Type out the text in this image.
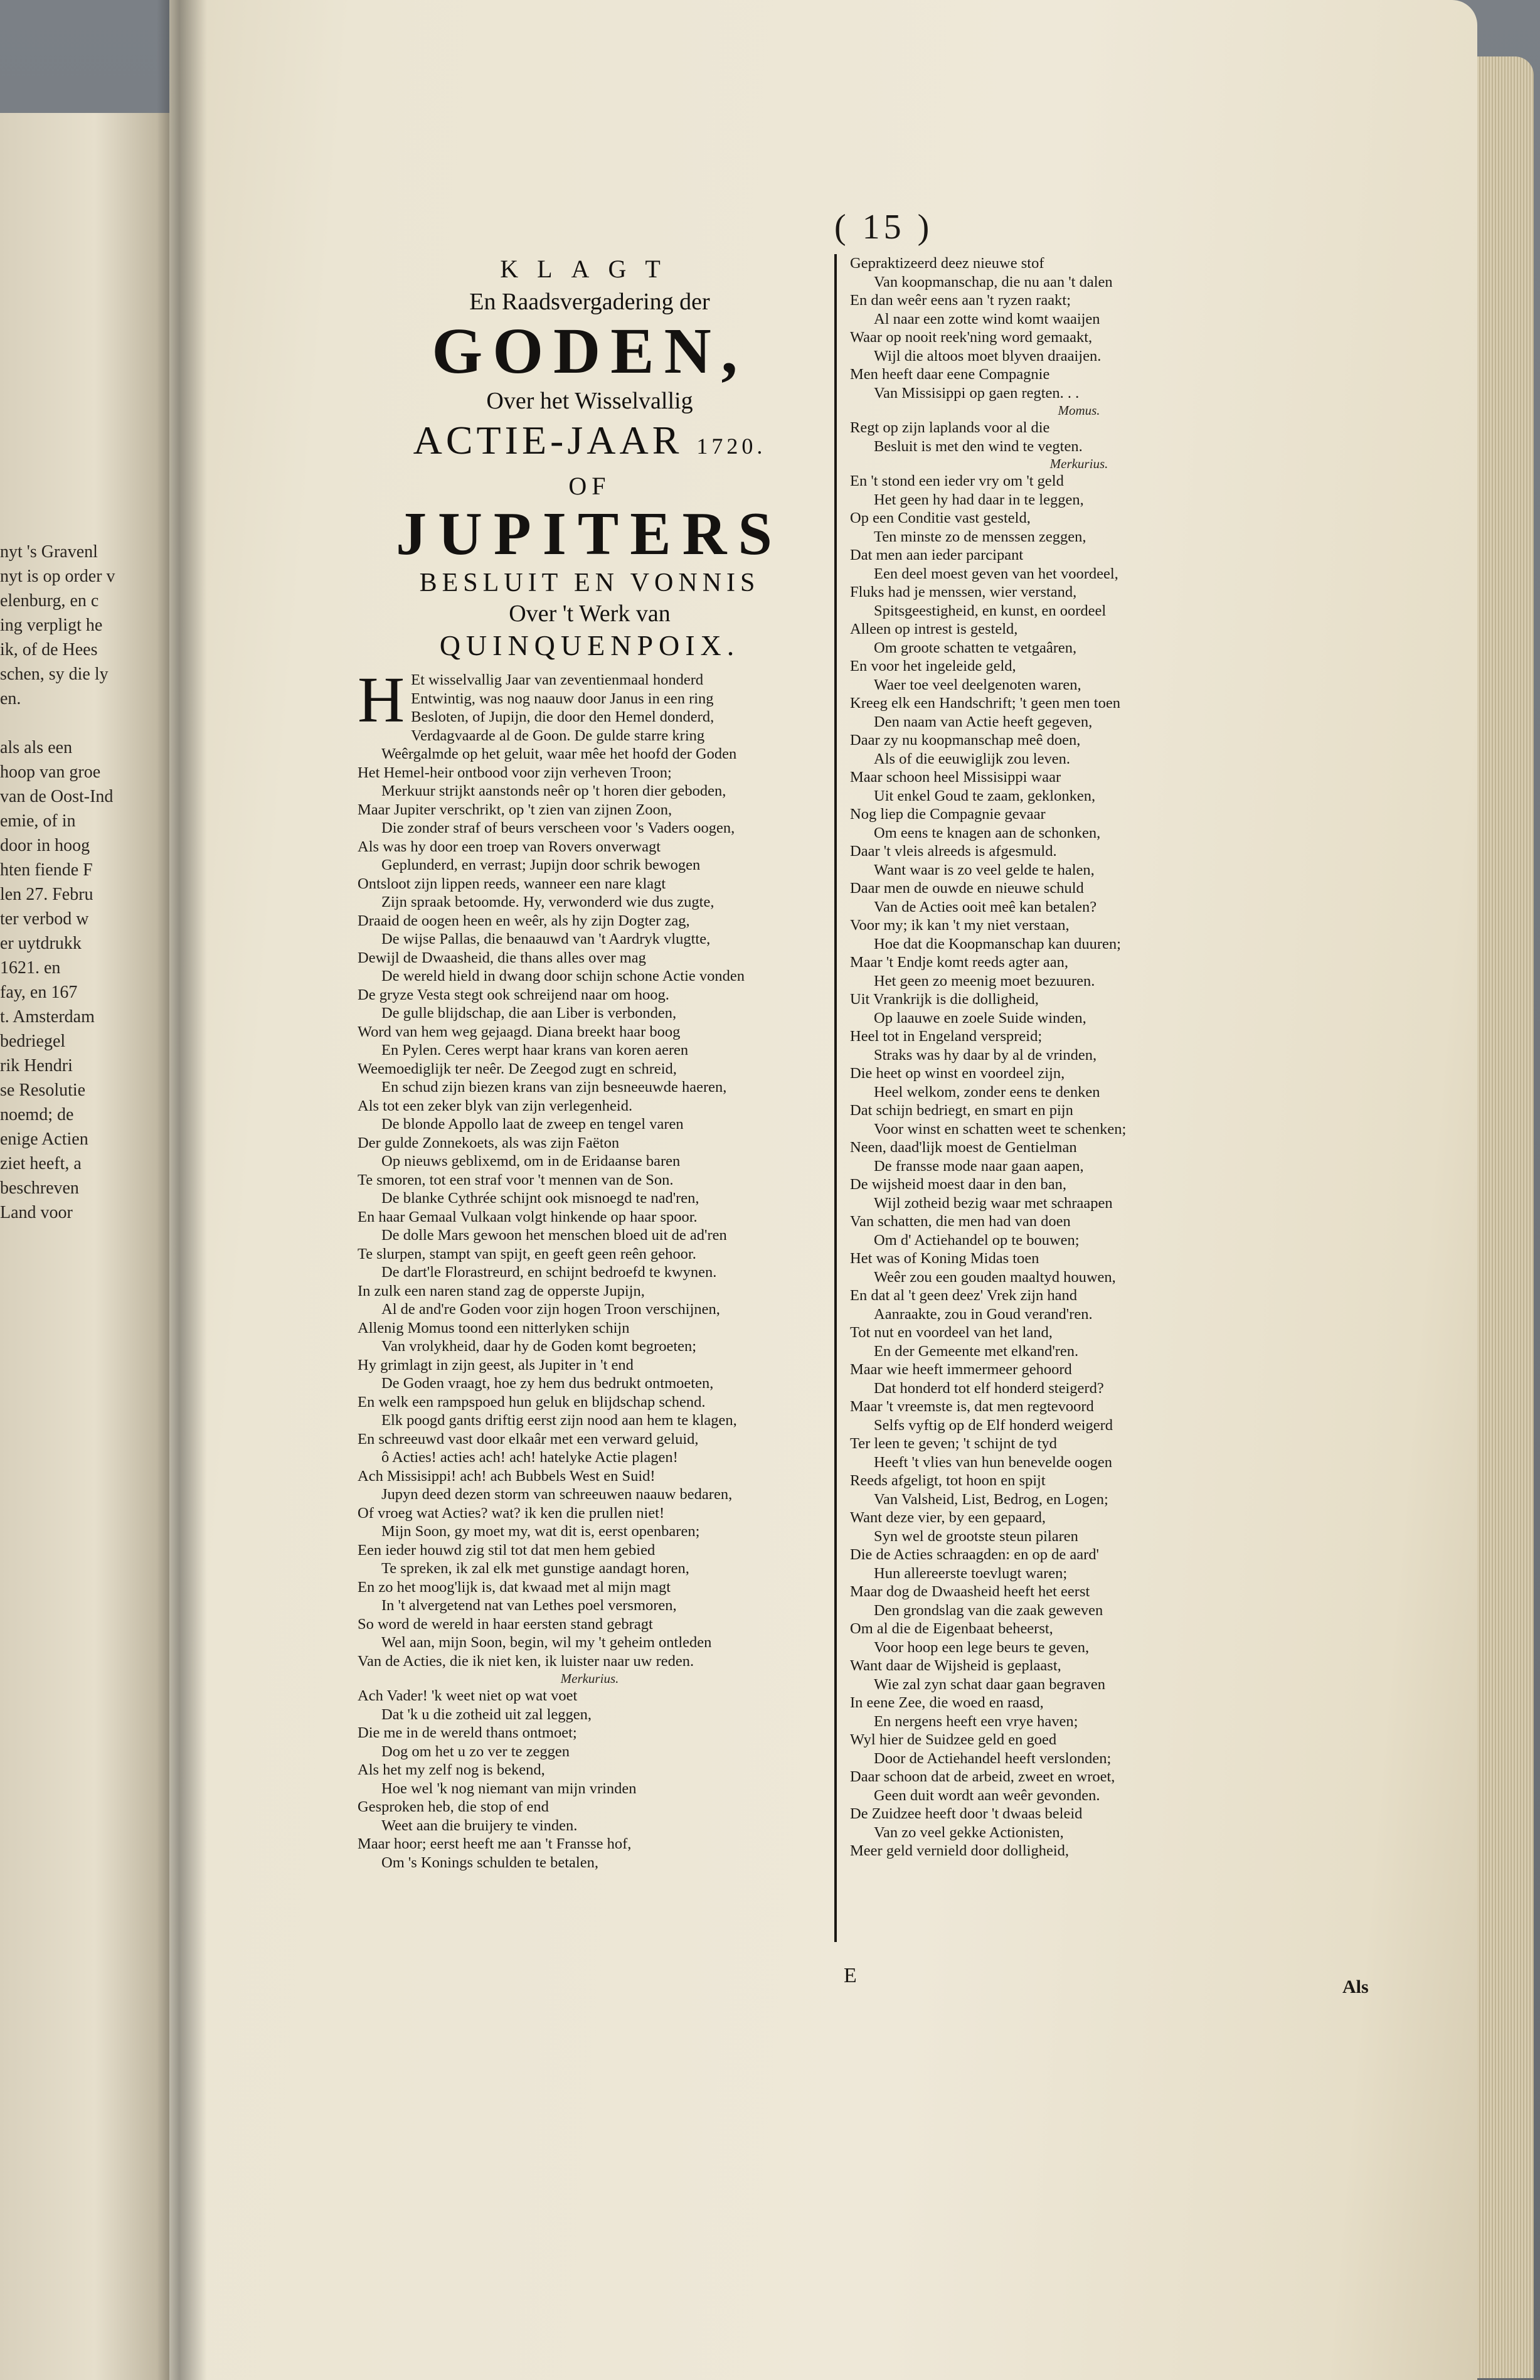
nyt 's Gravenl
nyt is op order v
elenburg, en c
ing verpligt he
ik, of de Hees
schen, sy die ly
en.

als als een
hoop van groe
van de Oost-Ind
emie, of in
door in hoog
hten fiende F
len 27. Febru
ter verbod w
er uytdrukk
1621. en
fay, en 167
t. Amsterdam
bedriegel
rik Hendri
se Resolutie
noemd; de
enige Actien
ziet heeft, a
beschreven
Land voor
( 15 )
KLAGT
En Raadsvergadering der
GODEN,
Over het Wisselvallig
ACTIE-JAAR 1720.
OF
JUPITERS
BESLUIT EN VONNIS
Over 't Werk van
QUINQUENPOIX.
H Et wisselvallig Jaar van zeventienmaal honderd
Entwintig, was nog naauw door Janus in een ring
Besloten, of Jupijn, die door den Hemel donderd,
Verdagvaarde al de Goon. De gulde starre kring
Weêrgalmde op het geluit, waar mêe het hoofd der Goden
Het Hemel-heir ontbood voor zijn verheven Troon;
Merkuur strijkt aanstonds neêr op 't horen dier geboden,
Maar Jupiter verschrikt, op 't zien van zijnen Zoon,
Die zonder straf of beurs verscheen voor 's Vaders oogen,
Als was hy door een troep van Rovers onverwagt
Geplunderd, en verrast; Jupijn door schrik bewogen
Ontsloot zijn lippen reeds, wanneer een nare klagt
Zijn spraak betoomde. Hy, verwonderd wie dus zugte,
Draaid de oogen heen en weêr, als hy zijn Dogter zag,
De wijse Pallas, die benaauwd van 't Aardryk vlugtte,
Dewijl de Dwaasheid, die thans alles over mag
De wereld hield in dwang door schijn schone Actie vonden
De gryze Vesta stegt ook schreijend naar om hoog.
De gulle blijdschap, die aan Liber is verbonden,
Word van hem weg gejaagd. Diana breekt haar boog
En Pylen. Ceres werpt haar krans van koren aeren
Weemoediglijk ter neêr. De Zeegod zugt en schreid,
En schud zijn biezen krans van zijn besneeuwde haeren,
Als tot een zeker blyk van zijn verlegenheid.
De blonde Appollo laat de zweep en tengel varen
Der gulde Zonnekoets, als was zijn Faëton
Op nieuws geblixemd, om in de Eridaanse baren
Te smoren, tot een straf voor 't mennen van de Son.
De blanke Cythrée schijnt ook misnoegd te nad'ren,
En haar Gemaal Vulkaan volgt hinkende op haar spoor.
De dolle Mars gewoon het menschen bloed uit de ad'ren
Te slurpen, stampt van spijt, en geeft geen reên gehoor.
De dart'le Florastreurd, en schijnt bedroefd te kwynen.
In zulk een naren stand zag de opperste Jupijn,
Al de and're Goden voor zijn hogen Troon verschijnen,
Allenig Momus toond een nitterlyken schijn
Van vrolykheid, daar hy de Goden komt begroeten;
Hy grimlagt in zijn geest, als Jupiter in 't end
De Goden vraagt, hoe zy hem dus bedrukt ontmoeten,
En welk een rampspoed hun geluk en blijdschap schend.
Elk poogd gants driftig eerst zijn nood aan hem te klagen,
En schreeuwd vast door elkaâr met een verward geluid,
ô Acties! acties ach! ach! hatelyke Actie plagen!
Ach Missisippi! ach! ach Bubbels West en Suid!
Jupyn deed dezen storm van schreeuwen naauw bedaren,
Of vroeg wat Acties? wat? ik ken die prullen niet!
Mijn Soon, gy moet my, wat dit is, eerst openbaren;
Een ieder houwd zig stil tot dat men hem gebied
Te spreken, ik zal elk met gunstige aandagt horen,
En zo het moog'lijk is, dat kwaad met al mijn magt
In 't alvergetend nat van Lethes poel versmoren,
So word de wereld in haar eersten stand gebragt
Wel aan, mijn Soon, begin, wil my 't geheim ontleden
Van de Acties, die ik niet ken, ik luister naar uw reden.
Merkurius.
Ach Vader! 'k weet niet op wat voet
Dat 'k u die zotheid uit zal leggen,
Die me in de wereld thans ontmoet;
Dog om het u zo ver te zeggen
Als het my zelf nog is bekend,
Hoe wel 'k nog niemant van mijn vrinden
Gesproken heb, die stop of end
Weet aan die bruijery te vinden.
Maar hoor; eerst heeft me aan 't Fransse hof,
Om 's Konings schulden te betalen,
Gepraktizeerd deez nieuwe stof
Van koopmanschap, die nu aan 't dalen
En dan weêr eens aan 't ryzen raakt;
Al naar een zotte wind komt waaijen
Waar op nooit reek'ning word gemaakt,
Wijl die altoos moet blyven draaijen.
Men heeft daar eene Compagnie
Van Missisippi op gaen regten. . .
Momus.
Regt op zijn laplands voor al die
Besluit is met den wind te vegten.
Merkurius.
En 't stond een ieder vry om 't geld
Het geen hy had daar in te leggen,
Op een Conditie vast gesteld,
Ten minste zo de menssen zeggen,
Dat men aan ieder parcipant
Een deel moest geven van het voordeel,
Fluks had je menssen, wier verstand,
Spitsgeestigheid, en kunst, en oordeel
Alleen op intrest is gesteld,
Om groote schatten te vetgaâren,
En voor het ingeleide geld,
Waer toe veel deelgenoten waren,
Kreeg elk een Handschrift; 't geen men toen
Den naam van Actie heeft gegeven,
Daar zy nu koopmanschap meê doen,
Als of die eeuwiglijk zou leven.
Maar schoon heel Missisippi waar
Uit enkel Goud te zaam, geklonken,
Nog liep die Compagnie gevaar
Om eens te knagen aan de schonken,
Daar 't vleis alreeds is afgesmuld.
Want waar is zo veel gelde te halen,
Daar men de ouwde en nieuwe schuld
Van de Acties ooit meê kan betalen?
Voor my; ik kan 't my niet verstaan,
Hoe dat die Koopmanschap kan duuren;
Maar 't Endje komt reeds agter aan,
Het geen zo meenig moet bezuuren.
Uit Vrankrijk is die dolligheid,
Op laauwe en zoele Suide winden,
Heel tot in Engeland verspreid;
Straks was hy daar by al de vrinden,
Die heet op winst en voordeel zijn,
Heel welkom, zonder eens te denken
Dat schijn bedriegt, en smart en pijn
Voor winst en schatten weet te schenken;
Neen, daad'lijk moest de Gentielman
De fransse mode naar gaan aapen,
De wijsheid moest daar in den ban,
Wijl zotheid bezig waar met schraapen
Van schatten, die men had van doen
Om d' Actiehandel op te bouwen;
Het was of Koning Midas toen
Weêr zou een gouden maaltyd houwen,
En dat al 't geen deez' Vrek zijn hand
Aanraakte, zou in Goud verand'ren.
Tot nut en voordeel van het land,
En der Gemeente met elkand'ren.
Maar wie heeft immermeer gehoord
Dat honderd tot elf honderd steigerd?
Maar 't vreemste is, dat men regtevoord
Selfs vyftig op de Elf honderd weigerd
Ter leen te geven; 't schijnt de tyd
Heeft 't vlies van hun benevelde oogen
Reeds afgeligt, tot hoon en spijt
Van Valsheid, List, Bedrog, en Logen;
Want deze vier, by een gepaard,
Syn wel de grootste steun pilaren
Die de Acties schraagden: en op de aard'
Hun allereerste toevlugt waren;
Maar dog de Dwaasheid heeft het eerst
Den grondslag van die zaak geweven
Om al die de Eigenbaat beheerst,
Voor hoop een lege beurs te geven,
Want daar de Wijsheid is geplaast,
Wie zal zyn schat daar gaan begraven
In eene Zee, die woed en raasd,
En nergens heeft een vrye haven;
Wyl hier de Suidzee geld en goed
Door de Actiehandel heeft verslonden;
Daar schoon dat de arbeid, zweet en wroet,
Geen duit wordt aan weêr gevonden.
De Zuidzee heeft door 't dwaas beleid
Van zo veel gekke Actionisten,
Meer geld vernield door dolligheid,
E	Als
